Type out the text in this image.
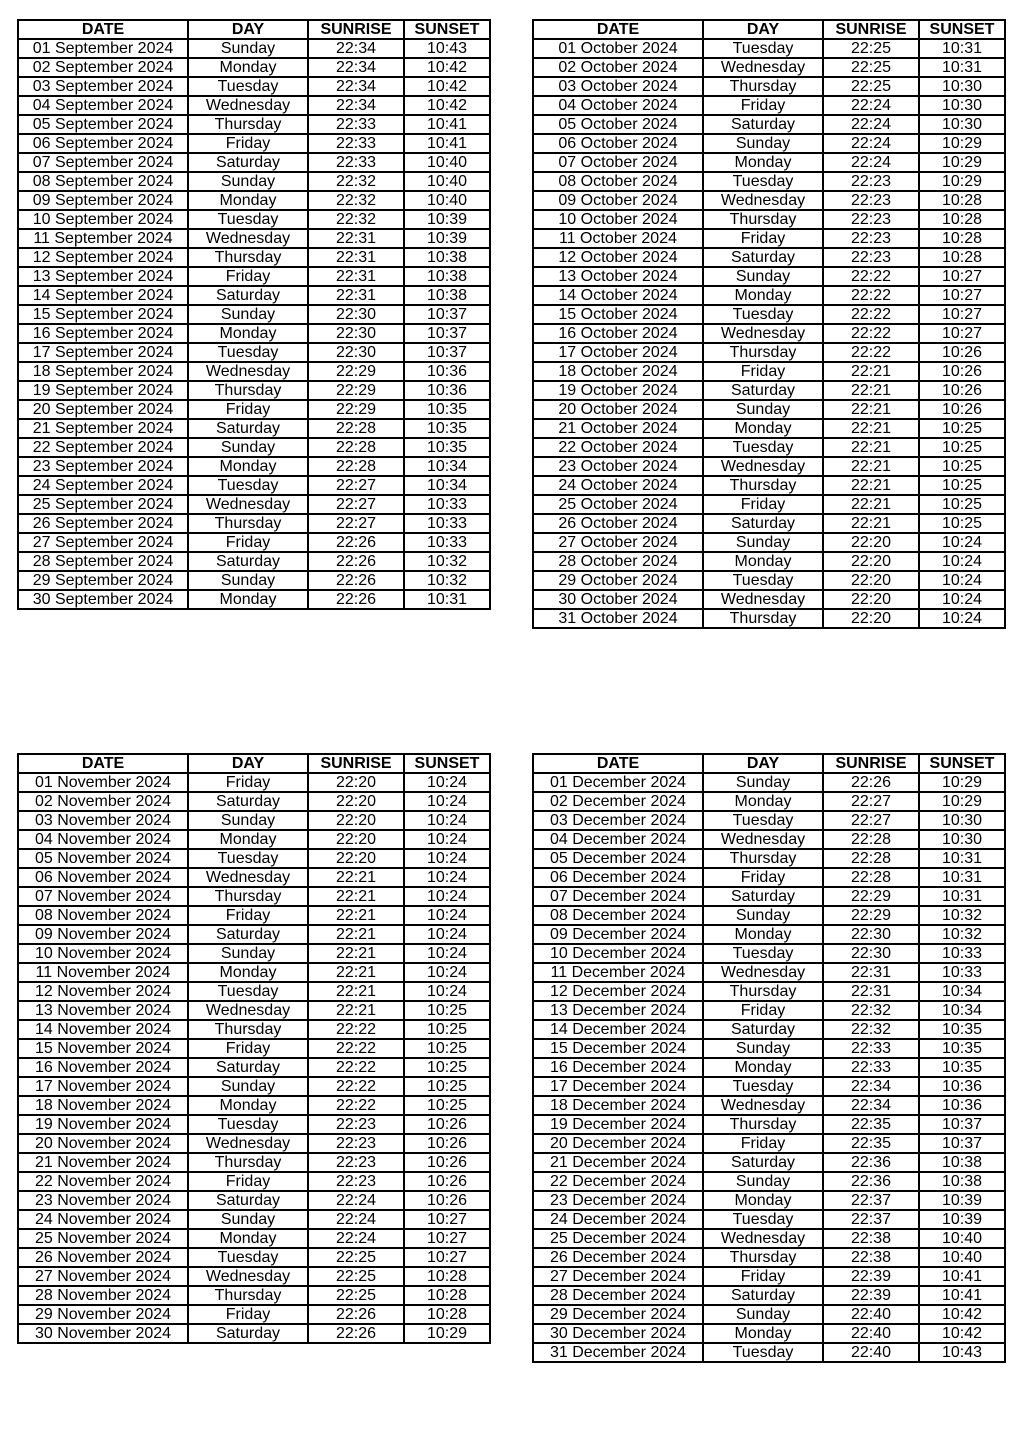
DATE	DAY	SUNRISE	SUNSET
01 September 2024	Sunday	22:34	10:43
02 September 2024	Monday	22:34	10:42
03 September 2024	Tuesday	22:34	10:42
04 September 2024	Wednesday	22:34	10:42
05 September 2024	Thursday	22:33	10:41
06 September 2024	Friday	22:33	10:41
07 September 2024	Saturday	22:33	10:40
08 September 2024	Sunday	22:32	10:40
09 September 2024	Monday	22:32	10:40
10 September 2024	Tuesday	22:32	10:39
11 September 2024	Wednesday	22:31	10:39
12 September 2024	Thursday	22:31	10:38
13 September 2024	Friday	22:31	10:38
14 September 2024	Saturday	22:31	10:38
15 September 2024	Sunday	22:30	10:37
16 September 2024	Monday	22:30	10:37
17 September 2024	Tuesday	22:30	10:37
18 September 2024	Wednesday	22:29	10:36
19 September 2024	Thursday	22:29	10:36
20 September 2024	Friday	22:29	10:35
21 September 2024	Saturday	22:28	10:35
22 September 2024	Sunday	22:28	10:35
23 September 2024	Monday	22:28	10:34
24 September 2024	Tuesday	22:27	10:34
25 September 2024	Wednesday	22:27	10:33
26 September 2024	Thursday	22:27	10:33
27 September 2024	Friday	22:26	10:33
28 September 2024	Saturday	22:26	10:32
29 September 2024	Sunday	22:26	10:32
30 September 2024	Monday	22:26	10:31
DATE	DAY	SUNRISE	SUNSET
01 October 2024	Tuesday	22:25	10:31
02 October 2024	Wednesday	22:25	10:31
03 October 2024	Thursday	22:25	10:30
04 October 2024	Friday	22:24	10:30
05 October 2024	Saturday	22:24	10:30
06 October 2024	Sunday	22:24	10:29
07 October 2024	Monday	22:24	10:29
08 October 2024	Tuesday	22:23	10:29
09 October 2024	Wednesday	22:23	10:28
10 October 2024	Thursday	22:23	10:28
11 October 2024	Friday	22:23	10:28
12 October 2024	Saturday	22:23	10:28
13 October 2024	Sunday	22:22	10:27
14 October 2024	Monday	22:22	10:27
15 October 2024	Tuesday	22:22	10:27
16 October 2024	Wednesday	22:22	10:27
17 October 2024	Thursday	22:22	10:26
18 October 2024	Friday	22:21	10:26
19 October 2024	Saturday	22:21	10:26
20 October 2024	Sunday	22:21	10:26
21 October 2024	Monday	22:21	10:25
22 October 2024	Tuesday	22:21	10:25
23 October 2024	Wednesday	22:21	10:25
24 October 2024	Thursday	22:21	10:25
25 October 2024	Friday	22:21	10:25
26 October 2024	Saturday	22:21	10:25
27 October 2024	Sunday	22:20	10:24
28 October 2024	Monday	22:20	10:24
29 October 2024	Tuesday	22:20	10:24
30 October 2024	Wednesday	22:20	10:24
31 October 2024	Thursday	22:20	10:24
DATE	DAY	SUNRISE	SUNSET
01 November 2024	Friday	22:20	10:24
02 November 2024	Saturday	22:20	10:24
03 November 2024	Sunday	22:20	10:24
04 November 2024	Monday	22:20	10:24
05 November 2024	Tuesday	22:20	10:24
06 November 2024	Wednesday	22:21	10:24
07 November 2024	Thursday	22:21	10:24
08 November 2024	Friday	22:21	10:24
09 November 2024	Saturday	22:21	10:24
10 November 2024	Sunday	22:21	10:24
11 November 2024	Monday	22:21	10:24
12 November 2024	Tuesday	22:21	10:24
13 November 2024	Wednesday	22:21	10:25
14 November 2024	Thursday	22:22	10:25
15 November 2024	Friday	22:22	10:25
16 November 2024	Saturday	22:22	10:25
17 November 2024	Sunday	22:22	10:25
18 November 2024	Monday	22:22	10:25
19 November 2024	Tuesday	22:23	10:26
20 November 2024	Wednesday	22:23	10:26
21 November 2024	Thursday	22:23	10:26
22 November 2024	Friday	22:23	10:26
23 November 2024	Saturday	22:24	10:26
24 November 2024	Sunday	22:24	10:27
25 November 2024	Monday	22:24	10:27
26 November 2024	Tuesday	22:25	10:27
27 November 2024	Wednesday	22:25	10:28
28 November 2024	Thursday	22:25	10:28
29 November 2024	Friday	22:26	10:28
30 November 2024	Saturday	22:26	10:29
DATE	DAY	SUNRISE	SUNSET
01 December 2024	Sunday	22:26	10:29
02 December 2024	Monday	22:27	10:29
03 December 2024	Tuesday	22:27	10:30
04 December 2024	Wednesday	22:28	10:30
05 December 2024	Thursday	22:28	10:31
06 December 2024	Friday	22:28	10:31
07 December 2024	Saturday	22:29	10:31
08 December 2024	Sunday	22:29	10:32
09 December 2024	Monday	22:30	10:32
10 December 2024	Tuesday	22:30	10:33
11 December 2024	Wednesday	22:31	10:33
12 December 2024	Thursday	22:31	10:34
13 December 2024	Friday	22:32	10:34
14 December 2024	Saturday	22:32	10:35
15 December 2024	Sunday	22:33	10:35
16 December 2024	Monday	22:33	10:35
17 December 2024	Tuesday	22:34	10:36
18 December 2024	Wednesday	22:34	10:36
19 December 2024	Thursday	22:35	10:37
20 December 2024	Friday	22:35	10:37
21 December 2024	Saturday	22:36	10:38
22 December 2024	Sunday	22:36	10:38
23 December 2024	Monday	22:37	10:39
24 December 2024	Tuesday	22:37	10:39
25 December 2024	Wednesday	22:38	10:40
26 December 2024	Thursday	22:38	10:40
27 December 2024	Friday	22:39	10:41
28 December 2024	Saturday	22:39	10:41
29 December 2024	Sunday	22:40	10:42
30 December 2024	Monday	22:40	10:42
31 December 2024	Tuesday	22:40	10:43
